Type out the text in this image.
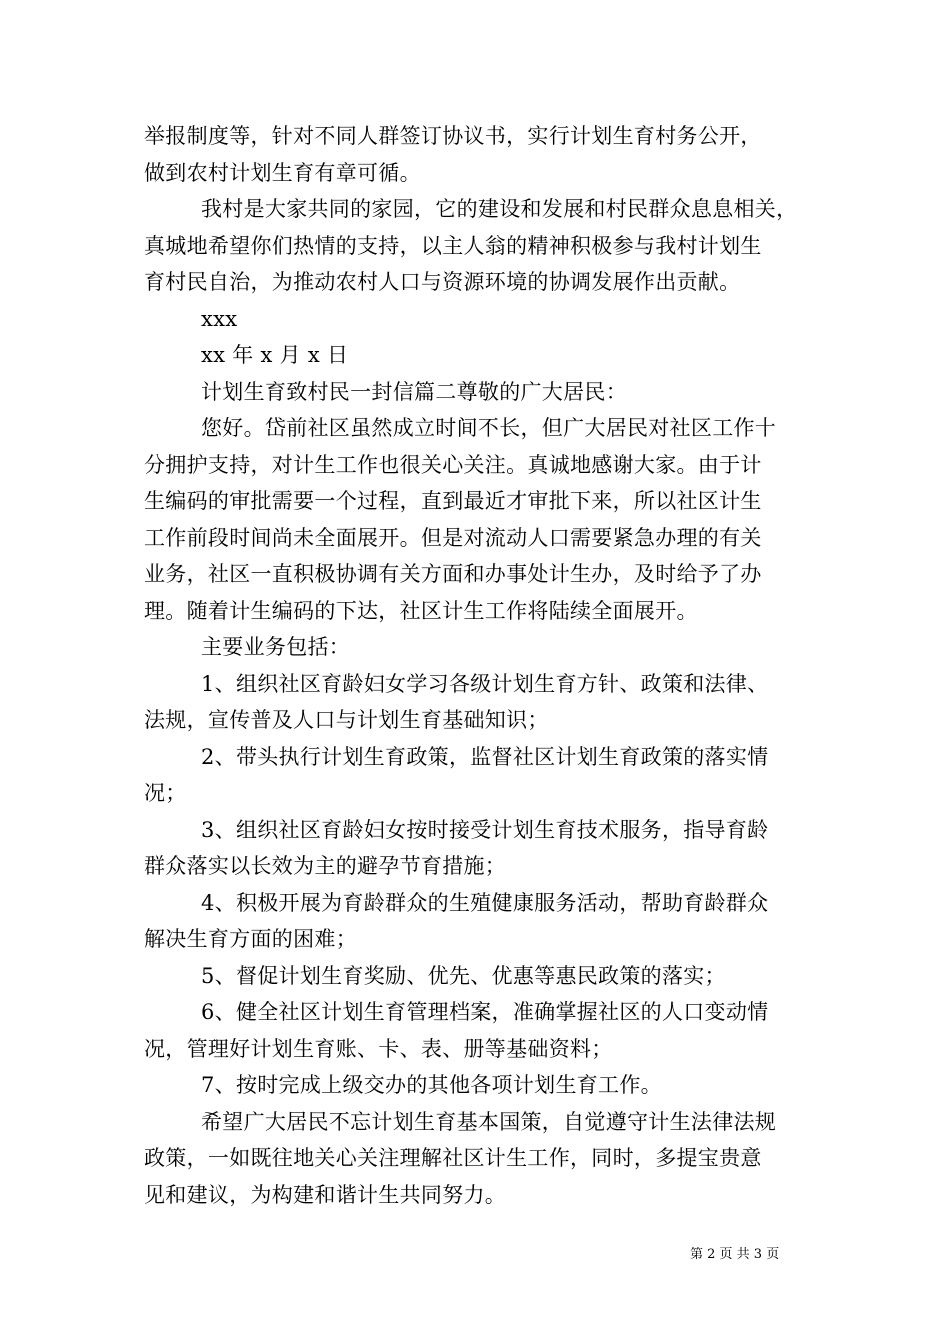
举报制度等，针对不同人群签订协议书，实行计划生育村务公开，
做到农村计划生育有章可循。
我村是大家共同的家园，它的建设和发展和村民群众息息相关，
真城地希望你们热情的支持，以主人翁的精神积极参与我村计划生
育村民自治，为推动农村人口与资源环境的协调发展作出贡献。
xxx
xx 年 x 月 x 日
计划生育致村民一封信篇二尊敬的广大居民：
您好。岱前社区虽然成立时间不长，但广大居民对社区工作十
分拥护支持，对计生工作也很关心关注。真诚地感谢大家。由于计
生编码的审批需要一个过程，直到最近才审批下来，所以社区计生
工作前段时间尚未全面展开。但是对流动人口需要紧急办理的有关
业务，社区一直积极协调有关方面和办事处计生办，及时给予了办
理。随着计生编码的下达，社区计生工作将陆续全面展开。
主要业务包括：
1、组织社区育龄妇女学习各级计划生育方针、政策和法律、
法规，宣传普及人口与计划生育基础知识；
2、带头执行计划生育政策，监督社区计划生育政策的落实情
况；
3、组织社区育龄妇女按时接受计划生育技术服务，指导育龄
群众落实以长效为主的避孕节育措施；
4、积极开展为育龄群众的生殖健康服务活动，帮助育龄群众
解决生育方面的困难；
5、督促计划生育奖励、优先、优惠等惠民政策的落实；
6、健全社区计划生育管理档案，准确掌握社区的人口变动情
况，管理好计划生育账、卡、表、册等基础资料；
7、按时完成上级交办的其他各项计划生育工作。
希望广大居民不忘计划生育基本国策，自觉遵守计生法律法规
政策，一如既往地关心关注理解社区计生工作，同时，多提宝贵意
见和建议，为构建和谐计生共同努力。
第 2 页 共 3 页
